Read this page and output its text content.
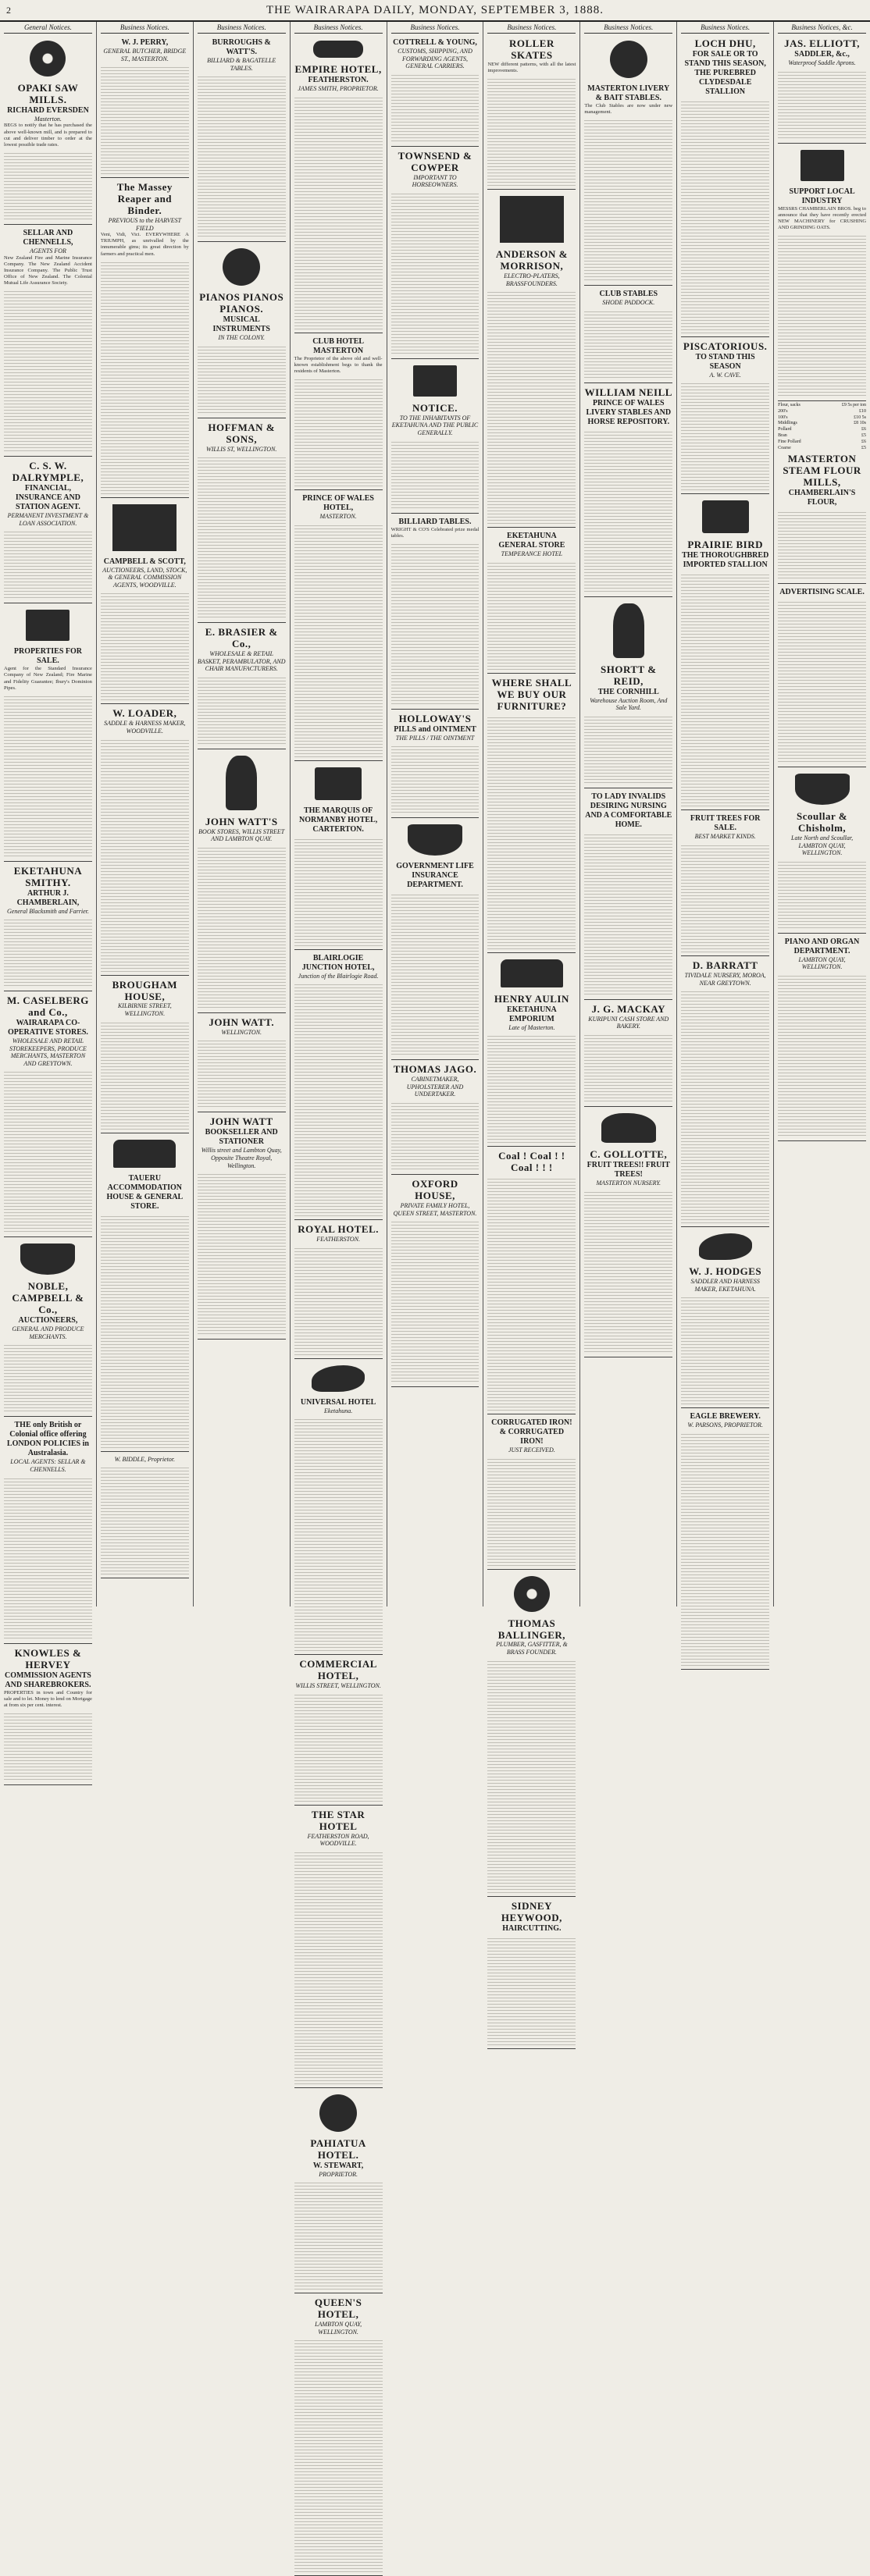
2	THE WAIRARAPA DAILY, MONDAY, SEPTEMBER 3, 1888.
General Notices.
OPAKI SAW MILLS.
RICHARD EVERSDEN
Masterton.
BEGS to notify that he has purchased the above well-known mill, and is prepared to cut and deliver timber to order at the lowest possible trade rates.
SELLAR AND CHENNELLS,
AGENTS FOR
New Zealand Fire and Marine Insurance Company. The New Zealand Accident Insurance Company. The Public Trust Office of New Zealand. The Colonial Mutual Life Assurance Society.
C. S. W. DALRYMPLE,
FINANCIAL, INSURANCE AND STATION AGENT.
PERMANENT INVESTMENT & LOAN ASSOCIATION.
PROPERTIES FOR SALE.
Agent for the Standard Insurance Company of New Zealand; Fire Marine and Fidelity Guarantee; Ibury's Dominion Pipes.
EKETAHUNA SMITHY.
ARTHUR J. CHAMBERLAIN,
General Blacksmith and Farrier.
M. CASELBERG and Co.,
WAIRARAPA CO-OPERATIVE STORES.
WHOLESALE AND RETAIL STOREKEEPERS, PRODUCE MERCHANTS, MASTERTON AND GREYTOWN.
NOBLE, CAMPBELL & Co.,
AUCTIONEERS,
GENERAL AND PRODUCE MERCHANTS.
THE only British or Colonial office offering LONDON POLICIES in Australasia.
LOCAL AGENTS: SELLAR & CHENNELLS.
KNOWLES & HERVEY
COMMISSION AGENTS AND SHAREBROKERS.
PROPERTIES in town and Country for sale and to let. Money to lend on Mortgage at from six per cent. interest.
Business Notices.
W. J. PERRY,
GENERAL BUTCHER, BRIDGE ST., MASTERTON.
The Massey Reaper and Binder.
PREVIOUS to the HARVEST FIELD
Veni, Vidi, Vici. EVERYWHERE A TRIUMPH, as unrivalled by the innumerable gims; its great direction by farmers and practical men.
CAMPBELL & SCOTT,
AUCTIONEERS, LAND, STOCK, & GENERAL COMMISSION AGENTS, WOODVILLE.
W. LOADER,
SADDLE & HARNESS MAKER, WOODVILLE.
BROUGHAM HOUSE,
KILBIRNIE STREET, WELLINGTON.
TAUERU ACCOMMODATION HOUSE & GENERAL STORE.
W. BIDDLE, Proprietor.
Business Notices.
BURROUGHS & WATT'S.
BILLIARD & BAGATELLE TABLES.
PIANOS PIANOS PIANOS.
MUSICAL INSTRUMENTS
IN THE COLONY.
HOFFMAN & SONS,
WILLIS ST, WELLINGTON.
E. BRASIER & Co.,
WHOLESALE & RETAIL BASKET, PERAMBULATOR, AND CHAIR MANUFACTURERS.
JOHN WATT'S
BOOK STORES, WILLIS STREET AND LAMBTON QUAY.
JOHN WATT.
WELLINGTON.
JOHN WATT
BOOKSELLER AND STATIONER
Willis street and Lambton Quay, Opposite Theatre Royal, Wellington.
Business Notices.
EMPIRE HOTEL,
FEATHERSTON.
JAMES SMITH, PROPRIETOR.
CLUB HOTEL MASTERTON
The Proprietor of the above old and well-known establishment begs to thank the residents of Masterton.
PRINCE OF WALES HOTEL,
MASTERTON.
THE MARQUIS OF NORMANBY HOTEL, CARTERTON.
BLAIRLOGIE JUNCTION HOTEL,
Junction of the Blairlogie Road.
ROYAL HOTEL.
FEATHERSTON.
UNIVERSAL HOTEL
Eketahuna.
COMMERCIAL HOTEL,
WILLIS STREET, WELLINGTON.
THE STAR HOTEL
FEATHERSTON ROAD, WOODVILLE.
PAHIATUA HOTEL.
W. STEWART,
PROPRIETOR.
QUEEN'S HOTEL,
LAMBTON QUAY, WELLINGTON.
Business Notices.
COTTRELL & YOUNG,
CUSTOMS, SHIPPING, AND FORWARDING AGENTS, GENERAL CARRIERS.
TOWNSEND & COWPER
IMPORTANT TO HORSEOWNERS.
NOTICE.
TO THE INHABITANTS OF EKETAHUNA AND THE PUBLIC GENERALLY.
BILLIARD TABLES.
WRIGHT & CO'S Celebrated prize medal tables.
HOLLOWAY'S
PILLS and OINTMENT
THE PILLS / THE OINTMENT
GOVERNMENT LIFE INSURANCE DEPARTMENT.
THOMAS JAGO.
CABINETMAKER, UPHOLSTERER AND UNDERTAKER.
OXFORD HOUSE,
PRIVATE FAMILY HOTEL, QUEEN STREET, MASTERTON.
Business Notices.
ROLLER SKATES
NEW different patterns, with all the latest improvements.
ANDERSON & MORRISON,
ELECTRO-PLATERS, BRASSFOUNDERS.
EKETAHUNA GENERAL STORE
TEMPERANCE HOTEL
WHERE SHALL WE BUY OUR FURNITURE?
HENRY AULIN
EKETAHUNA EMPORIUM
Late of Masterton.
Coal ! Coal ! ! Coal ! ! !
CORRUGATED IRON! & CORRUGATED IRON!
JUST RECEIVED.
THOMAS BALLINGER,
PLUMBER, GASFITTER, & BRASS FOUNDER.
SIDNEY HEYWOOD,
HAIRCUTTING.
Business Notices.
MASTERTON LIVERY & BAIT STABLES.
The Club Stables are now under new management.
CLUB STABLES
SHODE PADDOCK.
WILLIAM NEILL
PRINCE OF WALES LIVERY STABLES AND HORSE REPOSITORY.
SHORTT & REID,
THE CORNHILL
Warehouse Auction Room, And Sale Yard.
TO LADY INVALIDS DESIRING NURSING AND A COMFORTABLE HOME.
J. G. MACKAY
KURIPUNI CASH STORE AND BAKERY.
C. GOLLOTTE,
FRUIT TREES!! FRUIT TREES!
MASTERTON NURSERY.
Business Notices.
LOCH DHU,
FOR SALE OR TO STAND THIS SEASON, THE PUREBRED CLYDESDALE STALLION
PISCATORIOUS.
TO STAND THIS SEASON
A. W. CAVE.
PRAIRIE BIRD
THE THOROUGHBRED IMPORTED STALLION
FRUIT TREES FOR SALE.
BEST MARKET KINDS.
D. BARRATT
TIVIDALE NURSERY, MOROA, NEAR GREYTOWN.
W. J. HODGES
SADDLER AND HARNESS MAKER, EKETAHUNA.
EAGLE BREWERY.
W. PARSONS, PROPRIETOR.
Business Notices, &c.
JAS. ELLIOTT,
SADDLER, &c.,
Waterproof Saddle Aprons.
SUPPORT LOCAL INDUSTRY
MESSRS CHAMBERLAIN BROS. beg to announce that they have recently erected NEW MACHINERY for CRUSHING AND GRINDING OATS.
Flour, sacks	£9 5s per ton
200's	£10
100's	£10 5s
Middlings	£8 10s
Pollard	£6
Bran	£5
Fine Pollard	£6
Coarse	£5
MASTERTON STEAM FLOUR MILLS,
CHAMBERLAIN'S FLOUR,
ADVERTISING SCALE.
Scoullar & Chisholm,
Late North and Scoullar, LAMBTON QUAY, WELLINGTON.
PIANO AND ORGAN DEPARTMENT.
LAMBTON QUAY, WELLINGTON.
